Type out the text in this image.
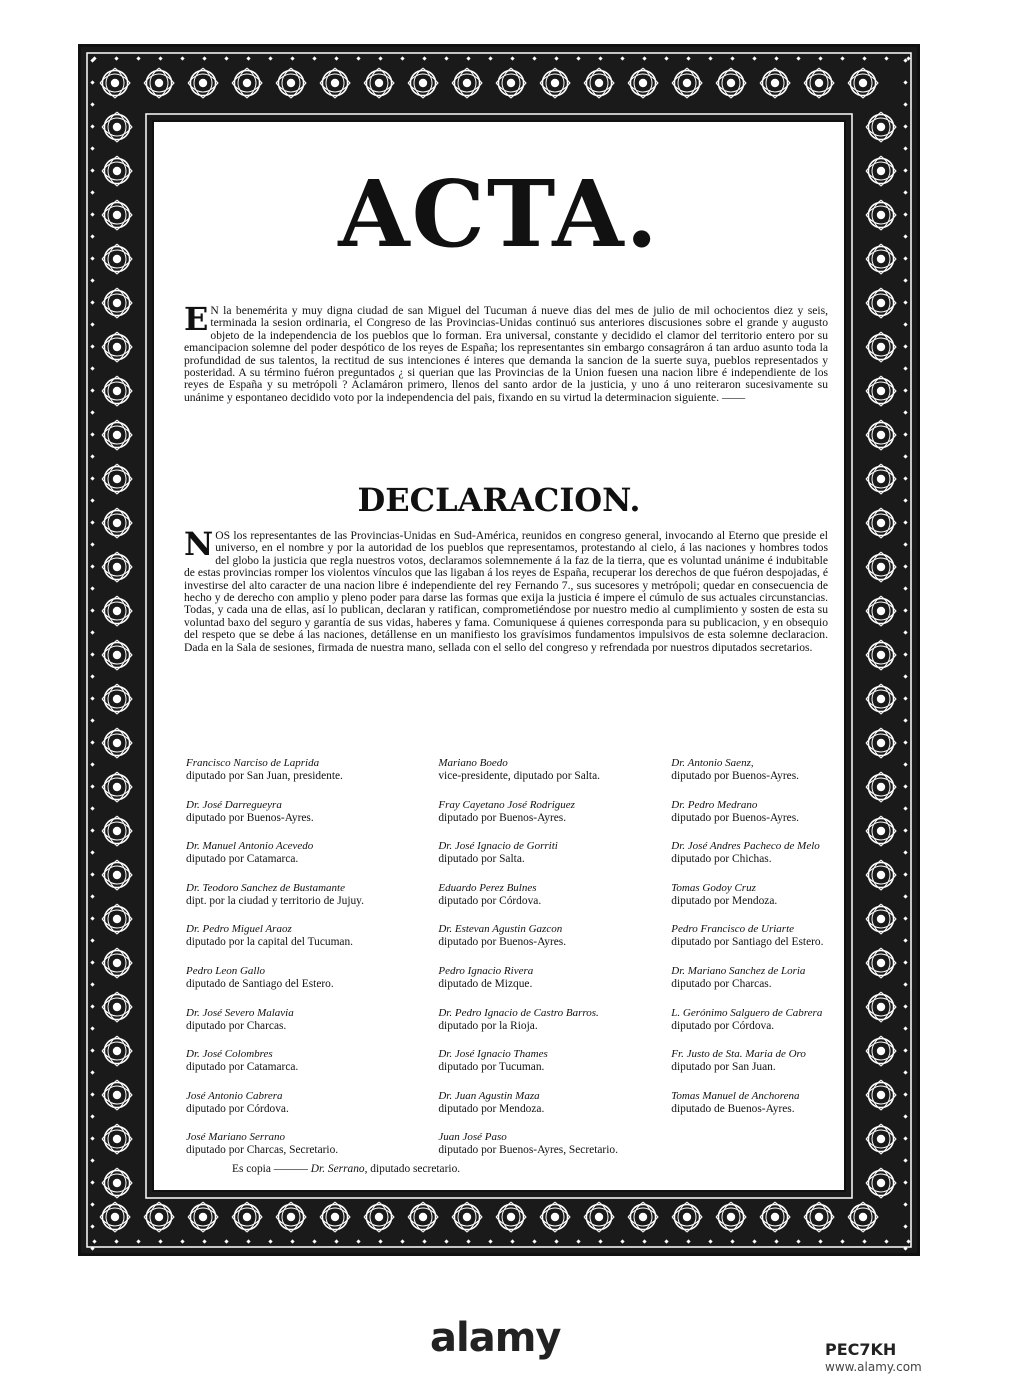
ACTA.

E N la benemérita y muy digna ciudad de san Miguel del Tucuman á nueve dias del mes de julio de mil ochocientos diez y seis, terminada la sesion ordinaria, el Congreso de las Provincias-Unidas continuó sus anteriores discusiones sobre el grande y augusto objeto de la independencia de los pueblos que lo forman. Era universal, constante y decidido el clamor del territorio entero por su emancipacion solemne del poder despótico de los reyes de España; los representantes sin embargo consagráron á tan arduo asunto toda la profundidad de sus talentos, la rectitud de sus intenciones é interes que demanda la sancion de la suerte suya, pueblos representados y posteridad. A su término fuéron preguntados ¿ si querian que las Provincias de la Union fuesen una nacion libre é independiente de los reyes de España y su metrópoli ? Aclamáron primero, llenos del santo ardor de la justicia, y uno á uno reiteraron sucesivamente su unánime y espontaneo decidido voto por la independencia del pais, fixando en su virtud la determinacion siguiente. ——

DECLARACION.

NOS los representantes de las Provincias-Unidas en Sud-América, reunidos en congreso general, invocando al Eterno que preside el universo, en el nombre y por la autoridad de los pueblos que representamos, protestando al cielo, á las naciones y hombres todos del globo la justicia que regla nuestros votos, declaramos solemnemente á la faz de la tierra, que es voluntad unánime é indubitable de estas provincias romper los violentos vínculos que las ligaban á los reyes de España, recuperar los derechos de que fuéron despojadas, é investirse del alto caracter de una nacion libre é independiente del rey Fernando 7., sus sucesores y metrópoli; quedar en consecuencia de hecho y de derecho con amplio y pleno poder para darse las formas que exija la justicia é impere el cúmulo de sus actuales circunstancias. Todas, y cada una de ellas, así lo publican, declaran y ratifican, comprometiéndose por nuestro medio al cumplimiento y sosten de esta su voluntad baxo del seguro y garantía de sus vidas, haberes y fama. Comuniquese á quienes corresponda para su publicacion, y en obsequio del respeto que se debe á las naciones, detállense en un manifiesto los gravísimos fundamentos impulsivos de esta solemne declaracion. Dada en la Sala de sesiones, firmada de nuestra mano, sellada con el sello del congreso y refrendada por nuestros diputados secretarios.

Francisco Narciso de Laprida
diputado por San Juan, presidente.
Mariano Boedo
vice-presidente, diputado por Salta.
Dr. Antonio Saenz,
diputado por Buenos-Ayres.
Dr. José Darregueyra
diputado por Buenos-Ayres.
Fray Cayetano José Rodriguez
diputado por Buenos-Ayres.
Dr. Pedro Medrano
diputado por Buenos-Ayres.
Dr. Manuel Antonio Acevedo
diputado por Catamarca.
Dr. José Ignacio de Gorriti
diputado por Salta.
Dr. José Andres Pacheco de Melo
diputado por Chichas.
Dr. Teodoro Sanchez de Bustamante
dipt. por la ciudad y territorio de Jujuy.
Eduardo Perez Bulnes
diputado por Córdova.
Tomas Godoy Cruz
diputado por Mendoza.
Dr. Pedro Miguel Araoz
diputado por la capital del Tucuman.
Dr. Estevan Agustin Gazcon
diputado por Buenos-Ayres.
Pedro Francisco de Uriarte
diputado por Santiago del Estero.
Pedro Leon Gallo
diputado de Santiago del Estero.
Pedro Ignacio Rivera
diputado de Mizque.
Dr. Mariano Sanchez de Loria
diputado por Charcas.
Dr. José Severo Malavia
diputado por Charcas.
Dr. Pedro Ignacio de Castro Barros.
diputado por la Rioja.
L. Gerónimo Salguero de Cabrera
diputado por Córdova.
Dr. José Colombres
diputado por Catamarca.
Dr. José Ignacio Thames
diputado por Tucuman.
Fr. Justo de Sta. Maria de Oro
diputado por San Juan.
José Antonio Cabrera
diputado por Córdova.
Dr. Juan Agustin Maza
diputado por Mendoza.
Tomas Manuel de Anchorena
diputado de Buenos-Ayres.
José Mariano Serrano
diputado por Charcas, Secretario.
Juan José Paso
diputado por Buenos-Ayres, Secretario.
Es copia ——— Dr. Serrano, diputado secretario.
alamy	PEC7KH
www.alamy.com
